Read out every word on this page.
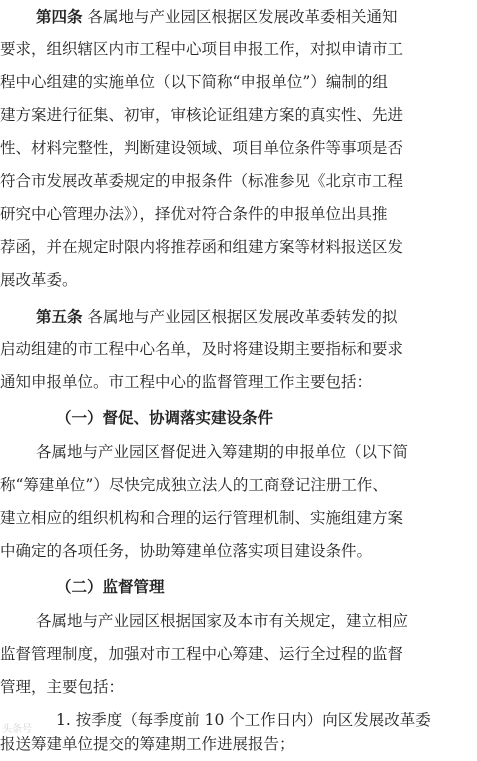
第四条 各属地与产业园区根据区发展改革委相关通知
要求，组织辖区内市工程中心项目申报工作，对拟申请市工
程中心组建的实施单位（以下简称“申报单位”）编制的组
建方案进行征集、初审，审核论证组建方案的真实性、先进
性、材料完整性，判断建设领域、项目单位条件等事项是否
符合市发展改革委规定的申报条件（标准参见《北京市工程
研究中心管理办法》），择优对符合条件的申报单位出具推
荐函，并在规定时限内将推荐函和组建方案等材料报送区发
展改革委。
第五条 各属地与产业园区根据区发展改革委转发的拟
启动组建的市工程中心名单，及时将建设期主要指标和要求
通知申报单位。市工程中心的监督管理工作主要包括：
（一）督促、协调落实建设条件
各属地与产业园区督促进入筹建期的申报单位（以下简
称“筹建单位”）尽快完成独立法人的工商登记注册工作、
建立相应的组织机构和合理的运行管理机制、实施组建方案
中确定的各项任务，协助筹建单位落实项目建设条件。
（二）监督管理
各属地与产业园区根据国家及本市有关规定，建立相应
监督管理制度，加强对市工程中心筹建、运行全过程的监督
管理，主要包括：
头条号
1. 按季度（每季度前 10 个工作日内）向区发展改革委
报送筹建单位提交的筹建期工作进展报告；
